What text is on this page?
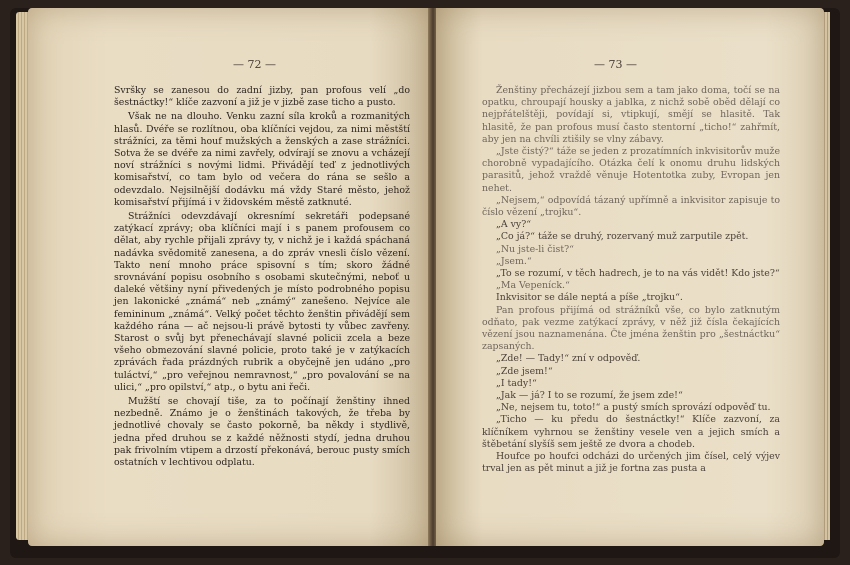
— 72 —

Svršky se zanesou do zadní jizby, pan profous velí „do šestnáctky!“ klíče zazvoní a již je v jizbě zase ticho a pusto.

Však ne na dlouho. Venku zazní síla kroků a rozmanitých hlasů. Dvéře se rozlítnou, oba klíčníci vejdou, za nimi městští strážníci, za těmi houf mužských a ženských a zase strážníci. Sotva že se dvéře za nimi zavřely, odvírají se znovu a vcházejí noví strážníci s novými lidmi. Přivádějí teď z jednotlivých komisařství, co tam bylo od večera do rána se sešlo a odevzdalo. Nejsilnější dodávku má vždy Staré město, jehož komisařství přijímá i v židovském městě zatknuté.

Strážníci odevzdávají okresnímí sekretáři podepsané zatýkací zprávy; oba klíčníci mají i s panem profousem co dělat, aby rychle přijali zprávy ty, v nichž je i každá spáchaná nadávka svědomitě zanesena, a do zpráv vnesli číslo vězení. Takto není mnoho práce spisovní s tím; skoro žádné srovnávání popisu osobního s osobami skutečnými, neboť u daleké většiny nyní přivedených je místo podrobného popisu jen lakonické „známá“ neb „známý“ zanešeno. Nejvíce ale femininum „známá“. Velký počet těchto ženštin přivádějí sem každého rána — ač nejsou-li právě bytosti ty vůbec zavřeny. Starost o svůj byt přenechávají slavné policii zcela a beze všeho obmezování slavné policie, proto také je v zatýkacích zprávách řada prázdných rubrik a obyčejně jen udáno „pro tuláctví,“ „pro veřejnou nemravnost,“ „pro povalování se na ulici,“ „pro opilství,“ atp., o bytu ani řeči.

Mužští se chovají tiše, za to počínají ženštiny ihned nezbedně. Známo je o ženštinách takových, že třeba by jednotlivé chovaly se často pokorně, ba někdy i stydlivě, jedna před druhou se z každé něžnosti stydí, jedna druhou pak frivolním vtipem a drzostí překonává, berouc pusty smích ostatních v lechtivou odplatu.

— 73 —

Ženštiny přecházejí jizbou sem a tam jako doma, točí se na opatku, chroupají housky a jablka, z nichž sobě oběd dělají co nejpřátelštěji, povídají si, vtipkují, smějí se hlasitě. Tak hlasitě, že pan profous musí často stentorní „ticho!“ zahřmít, aby jen na chvíli ztišily se vlny zábavy.

„Jste čistý?“ táže se jeden z prozatímních inkvisitorův muže chorobně vypadajícího. Otázka čelí k onomu druhu lidských parasitů, jehož vraždě věnuje Hotentotka zuby, Evropan jen nehet.

„Nejsem,“ odpovídá tázaný upřímně a inkvisitor zapisuje to číslo vězení „trojku“.

„A vy?“

„Co já?“ táže se druhý, rozervaný muž zarputile zpět.

„Nu jste-li čist?“

„Jsem.“

„To se rozumí, v těch hadrech, je to na vás vidět! Kdo jste?“

„Ma Vepeníck.“

Inkvisitor se dále neptá a píše „trojku“.

Pan profous přijímá od strážníků vše, co bylo zatknutým odňato, pak vezme zatýkací zprávy, v něž již čísla čekajících vězení jsou naznamenána. Čte jména ženštin pro „šestnáctku“ zapsaných.

„Zde! — Tady!“ zní v odpověď.

„Zde jsem!“

„I tady!“

„Jak — já? I to se rozumí, že jsem zde!“

„Ne, nejsem tu, toto!“ a pustý smích sprovází odpověď tu.

„Ticho — ku předu do šestnáctky!“ Klíče zazvoní, za klíčníkem vyhrnou se ženštiny vesele ven a jejich smích a štěbetání slyšíš sem ještě ze dvora a chodeb.

Houfce po houfci odcházi do určených jim čísel, celý výjev trval jen as pět minut a již je fortna zas pusta a
